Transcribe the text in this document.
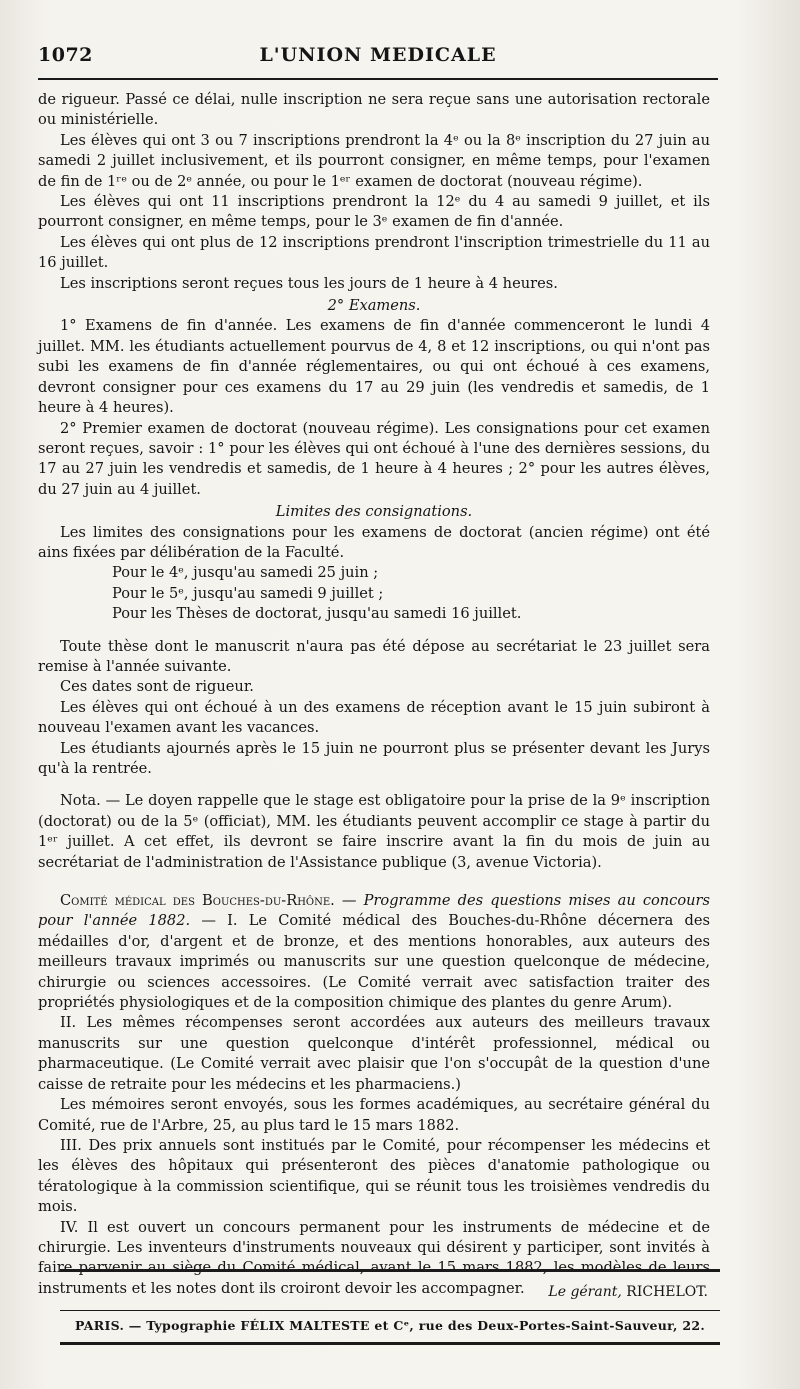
1072	L'UNION MEDICALE

de rigueur. Passé ce délai, nulle inscription ne sera reçue sans une autorisation rectorale ou ministérielle.

Les élèves qui ont 3 ou 7 inscriptions prendront la 4ᵉ ou la 8ᵉ inscription du 27 juin au samedi 2 juillet inclusivement, et ils pourront consigner, en même temps, pour l'examen de fin de 1ʳᵉ ou de 2ᵉ année, ou pour le 1ᵉʳ examen de doctorat (nouveau régime).

Les élèves qui ont 11 inscriptions prendront la 12ᵉ du 4 au samedi 9 juillet, et ils pourront consigner, en même temps, pour le 3ᵉ examen de fin d'année.

Les élèves qui ont plus de 12 inscriptions prendront l'inscription trimestrielle du 11 au 16 juillet.

Les inscriptions seront reçues tous les jours de 1 heure à 4 heures.

2° Examens.

1° Examens de fin d'année. Les examens de fin d'année commenceront le lundi 4 juillet. MM. les étudiants actuellement pourvus de 4, 8 et 12 inscriptions, ou qui n'ont pas subi les examens de fin d'année réglementaires, ou qui ont échoué à ces examens, devront consigner pour ces examens du 17 au 29 juin (les vendredis et samedis, de 1 heure à 4 heures).

2° Premier examen de doctorat (nouveau régime). Les consignations pour cet examen seront reçues, savoir : 1° pour les élèves qui ont échoué à l'une des dernières sessions, du 17 au 27 juin les vendredis et samedis, de 1 heure à 4 heures ; 2° pour les autres élèves, du 27 juin au 4 juillet.

Limites des consignations.

Les limites des consignations pour les examens de doctorat (ancien régime) ont été ains fixées par délibération de la Faculté.

Pour le 4ᵉ, jusqu'au samedi 25 juin ;

Pour le 5ᵉ, jusqu'au samedi 9 juillet ;

Pour les Thèses de doctorat, jusqu'au samedi 16 juillet.

Toute thèse dont le manuscrit n'aura pas été dépose au secrétariat le 23 juillet sera remise à l'année suivante.

Ces dates sont de rigueur.

Les élèves qui ont échoué à un des examens de réception avant le 15 juin subiront à nouveau l'examen avant les vacances.

Les étudiants ajournés après le 15 juin ne pourront plus se présenter devant les Jurys qu'à la rentrée.

Nota. — Le doyen rappelle que le stage est obligatoire pour la prise de la 9ᵉ inscription (doctorat) ou de la 5ᵉ (officiat), MM. les étudiants peuvent accomplir ce stage à partir du 1ᵉʳ juillet. A cet effet, ils devront se faire inscrire avant la fin du mois de juin au secrétariat de l'administration de l'Assistance publique (3, avenue Victoria).

Comité médical des Bouches-du-Rhône. — Programme des questions mises au concours pour l'année 1882. — I. Le Comité médical des Bouches-du-Rhône décernera des médailles d'or, d'argent et de bronze, et des mentions honorables, aux auteurs des meilleurs travaux imprimés ou manuscrits sur une question quelconque de médecine, chirurgie ou sciences accessoires. (Le Comité verrait avec satisfaction traiter des propriétés physiologiques et de la composition chimique des plantes du genre Arum).

II. Les mêmes récompenses seront accordées aux auteurs des meilleurs travaux manuscrits sur une question quelconque d'intérêt professionnel, médical ou pharmaceutique. (Le Comité verrait avec plaisir que l'on s'occupât de la question d'une caisse de retraite pour les médecins et les pharmaciens.)

Les mémoires seront envoyés, sous les formes académiques, au secrétaire général du Comité, rue de l'Arbre, 25, au plus tard le 15 mars 1882.

III. Des prix annuels sont institués par le Comité, pour récompenser les médecins et les élèves des hôpitaux qui présenteront des pièces d'anatomie pathologique ou tératologique à la commission scientifique, qui se réunit tous les troisièmes vendredis du mois.

IV. Il est ouvert un concours permanent pour les instruments de médecine et de chirurgie. Les inventeurs d'instruments nouveaux qui désirent y participer, sont invités à faire parvenir au siège du Comité médical, avant le 15 mars 1882, les modèles de leurs instruments et les notes dont ils croiront devoir les accompagner.	Le gérant, RICHELOT.
PARIS. — Typographie FÉLIX MALTESTE et Cᵉ, rue des Deux-Portes-Saint-Sauveur, 22.
